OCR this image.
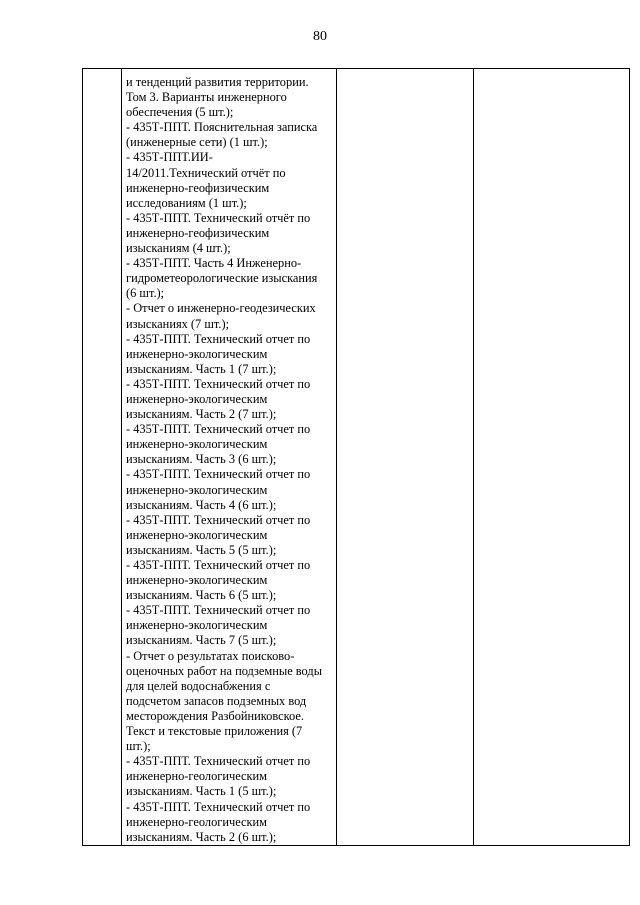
80

и тенденций развития территории.
Том 3. Варианты инженерного
обеспечения (5 шт.);
- 435Т-ППТ. Пояснительная записка
(инженерные сети) (1 шт.);
- 435Т-ППТ.ИИ-
14/2011.Технический отчёт по
инженерно-геофизическим
исследованиям (1 шт.);
- 435Т-ППТ. Технический отчёт по
инженерно-геофизическим
изысканиям (4 шт.);
- 435Т-ППТ. Часть 4 Инженерно-
гидрометеорологические изыскания
(6 шт.);
- Отчет о инженерно-геодезических
изысканиях (7 шт.);
- 435Т-ППТ. Технический отчет по
инженерно-экологическим
изысканиям. Часть 1 (7 шт.);
- 435Т-ППТ. Технический отчет по
инженерно-экологическим
изысканиям. Часть 2 (7 шт.);
- 435Т-ППТ. Технический отчет по
инженерно-экологическим
изысканиям. Часть 3 (6 шт.);
- 435Т-ППТ. Технический отчет по
инженерно-экологическим
изысканиям. Часть 4 (6 шт.);
- 435Т-ППТ. Технический отчет по
инженерно-экологическим
изысканиям. Часть 5 (5 шт.);
- 435Т-ППТ. Технический отчет по
инженерно-экологическим
изысканиям. Часть 6 (5 шт.);
- 435Т-ППТ. Технический отчет по
инженерно-экологическим
изысканиям. Часть 7 (5 шт.);
- Отчет о результатах поисково-
оценочных работ на подземные воды
для целей водоснабжения с
подсчетом запасов подземных вод
месторождения Разбойниковское.
Текст и текстовые приложения (7
шт.);
- 435Т-ППТ. Технический отчет по
инженерно-геологическим
изысканиям. Часть 1 (5 шт.);
- 435Т-ППТ. Технический отчет по
инженерно-геологическим
изысканиям. Часть 2 (6 шт.);
